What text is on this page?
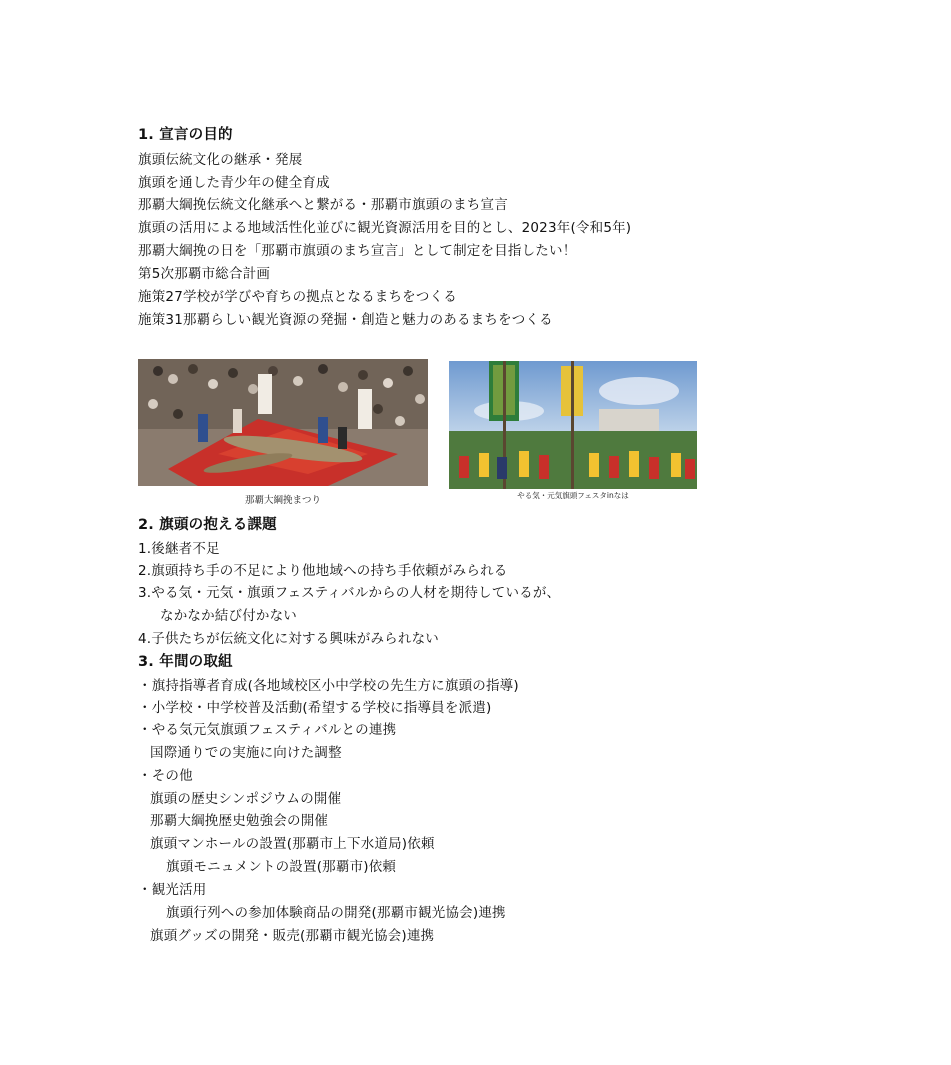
1. 宣言の目的
旗頭伝統文化の継承・発展
旗頭を通した青少年の健全育成
那覇大綱挽伝統文化継承へと繋がる・那覇市旗頭のまち宣言
旗頭の活用による地域活性化並びに観光資源活用を目的とし、2023年(令和5年)
那覇大綱挽の日を「那覇市旗頭のまち宣言」として制定を目指したい！
第5次那覇市総合計画
施策27学校が学びや育ちの拠点となるまちをつくる
施策31那覇らしい観光資源の発掘・創造と魅力のあるまちをつくる
那覇大綱挽まつり	やる気・元気旗頭フェスタinなは
2. 旗頭の抱える課題
1.後継者不足
2.旗頭持ち手の不足により他地域への持ち手依頼がみられる
3.やる気・元気・旗頭フェスティバルからの人材を期待しているが、
なかなか結び付かない
4.子供たちが伝統文化に対する興味がみられない
3. 年間の取組
・旗持指導者育成(各地域校区小中学校の先生方に旗頭の指導)
・小学校・中学校普及活動(希望する学校に指導員を派遣)
・やる気元気旗頭フェスティバルとの連携
国際通りでの実施に向けた調整
・その他
旗頭の歴史シンポジウムの開催
那覇大綱挽歴史勉強会の開催
旗頭マンホールの設置(那覇市上下水道局)依頼
旗頭モニュメントの設置(那覇市)依頼
・観光活用
旗頭行列への参加体験商品の開発(那覇市観光協会)連携
旗頭グッズの開発・販売(那覇市観光協会)連携
